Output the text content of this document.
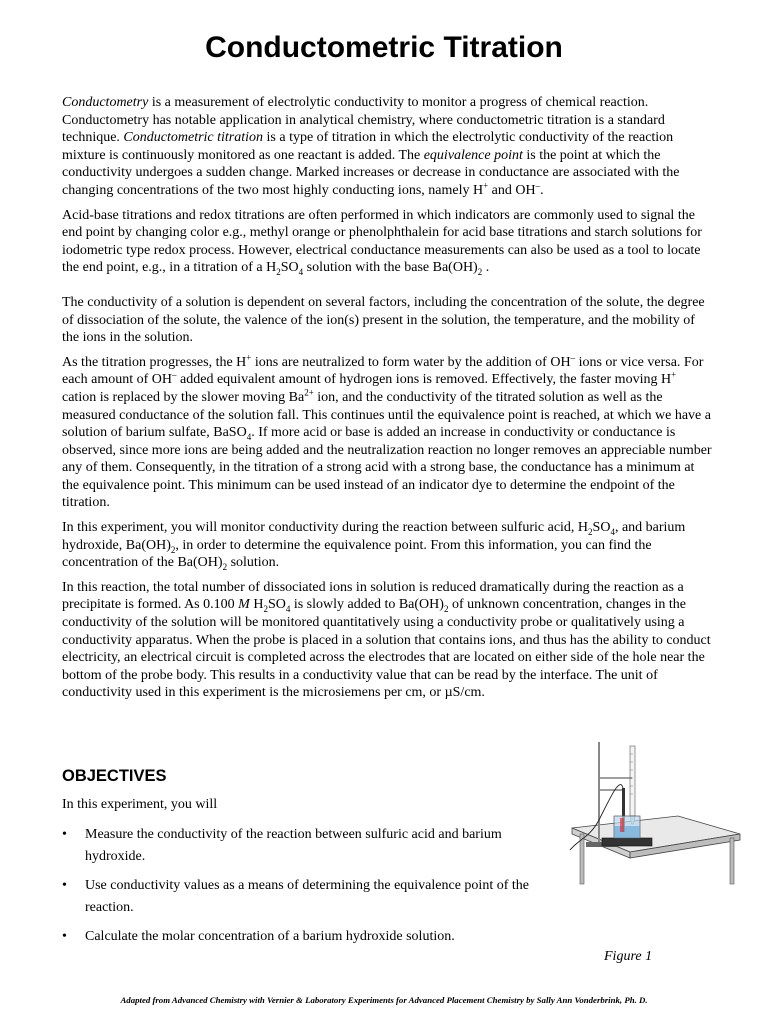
Conductometric Titration

Conductometry is a measurement of electrolytic conductivity to monitor a progress of chemical reaction. Conductometry has notable application in analytical chemistry, where conductometric titration is a standard technique. Conductometric titration is a type of titration in which the electrolytic conductivity of the reaction mixture is continuously monitored as one reactant is added. The equivalence point is the point at which the conductivity undergoes a sudden change. Marked increases or decrease in conductance are associated with the changing concentrations of the two most highly conducting ions, namely H+ and OH–.

Acid-base titrations and redox titrations are often performed in which indicators are commonly used to signal the end point by changing color e.g., methyl orange or phenolphthalein for acid base titrations and starch solutions for iodometric type redox process. However, electrical conductance measurements can also be used as a tool to locate the end point, e.g., in a titration of a $H_2SO_4$ solution with the base $Ba(OH)_2$ .

The conductivity of a solution is dependent on several factors, including the concentration of the solute, the degree of dissociation of the solute, the valence of the ion(s) present in the solution, the temperature, and the mobility of the ions in the solution.

As the titration progresses, the H+ ions are neutralized to form water by the addition of OH– ions or vice versa. For each amount of OH– added equivalent amount of hydrogen ions is removed. Effectively, the faster moving H+ cation is replaced by the slower moving $Ba^{2+}$ ion, and the conductivity of the titrated solution as well as the measured conductance of the solution fall. This continues until the equivalence point is reached, at which we have a solution of barium sulfate, BaSO$_4$. If more acid or base is added an increase in conductivity or conductance is observed, since more ions are being added and the neutralization reaction no longer removes an appreciable number any of them. Consequently, in the titration of a strong acid with a strong base, the conductance has a minimum at the equivalence point. This minimum can be used instead of an indicator dye to determine the endpoint of the titration.

In this experiment, you will monitor conductivity during the reaction between sulfuric acid, $H_2SO_4$, and barium hydroxide, $Ba(OH)_2$, in order to determine the equivalence point. From this information, you can find the concentration of the $Ba(OH)_2$ solution.

In this reaction, the total number of dissociated ions in solution is reduced dramatically during the reaction as a precipitate is formed. As 0.100 M $H_2SO_4$ is slowly added to $Ba(OH)_2$ of unknown concentration, changes in the conductivity of the solution will be monitored quantitatively using a conductivity probe or qualitatively using a conductivity apparatus. When the probe is placed in a solution that contains ions, and thus has the ability to conduct electricity, an electrical circuit is completed across the electrodes that are located on either side of the hole near the bottom of the probe body. This results in a conductivity value that can be read by the interface. The unit of conductivity used in this experiment is the microsiemens per cm, or µS/cm.

OBJECTIVES

In this experiment, you will

• Measure the conductivity of the reaction between sulfuric acid and barium hydroxide.
• Use conductivity values as a means of determining the equivalence point of the reaction.
• Calculate the molar concentration of a barium hydroxide solution.

Figure 1

Adapted from Advanced Chemistry with Vernier & Laboratory Experiments for Advanced Placement Chemistry by Sally Ann Vonderbrink, Ph. D.
